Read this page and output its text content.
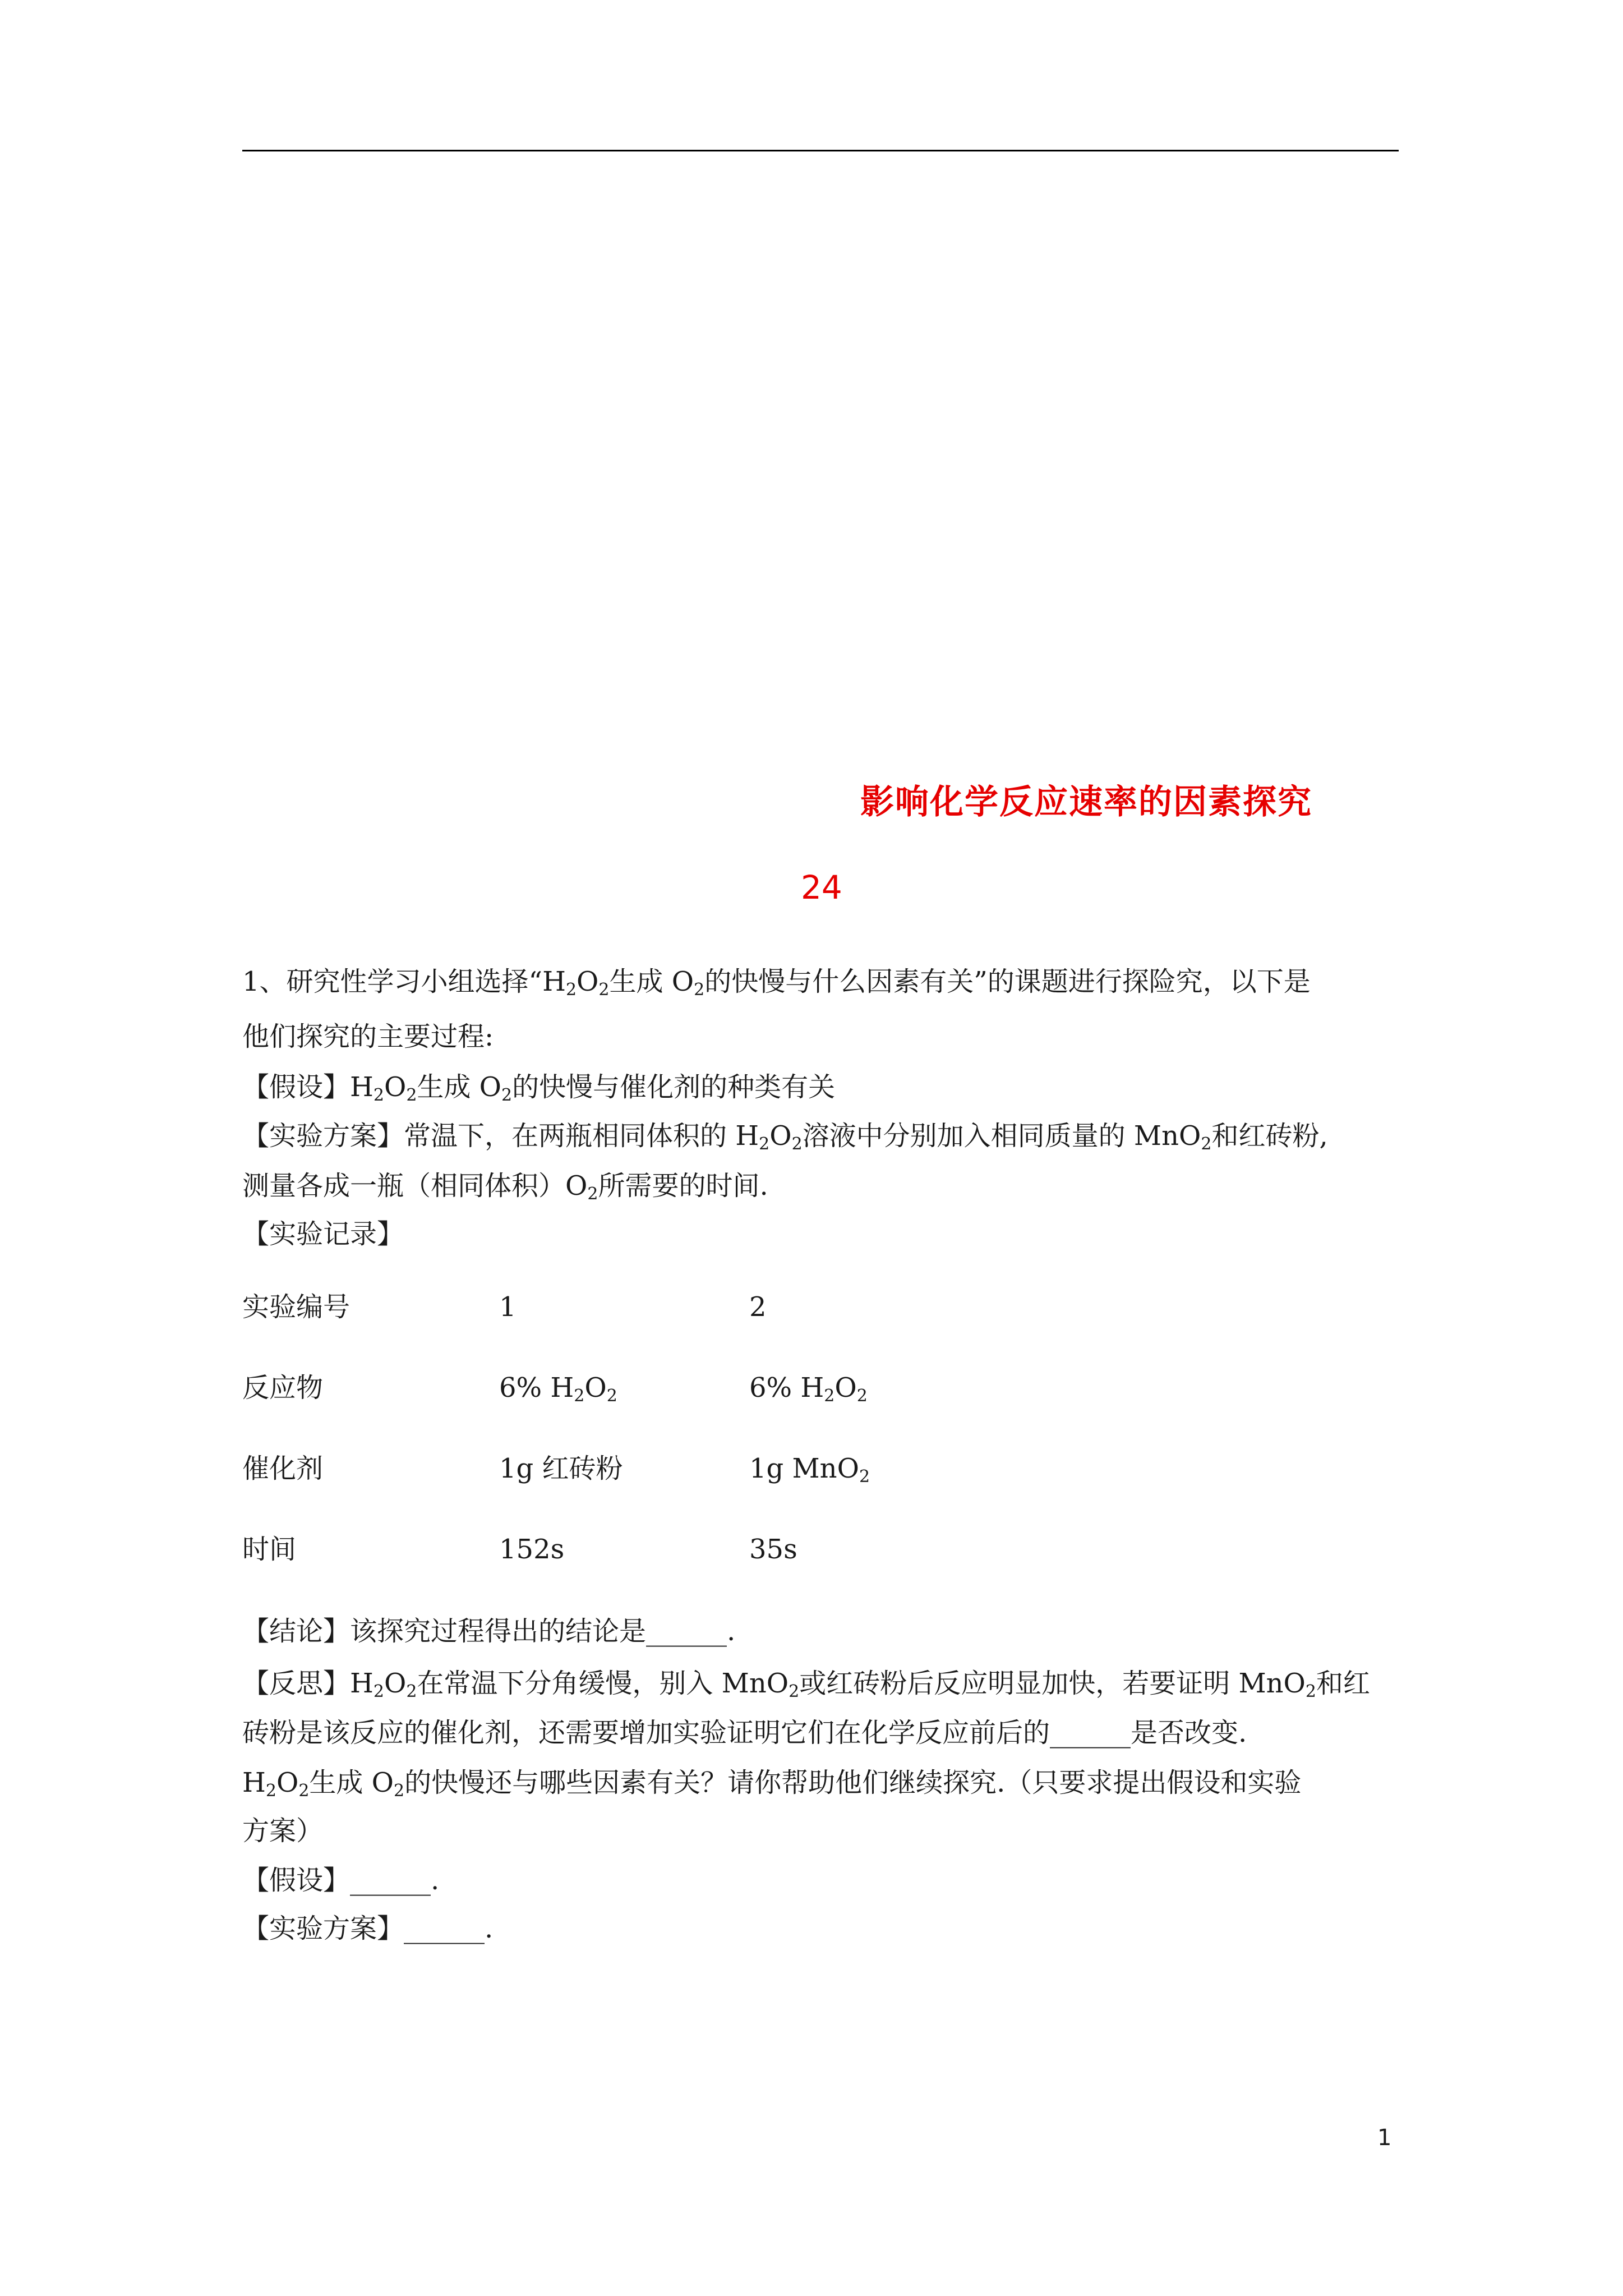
影响化学反应速率的因素探究
24
1、研究性学习小组选择“$H_2O_2$生成 $O_2$的快慢与什么因素有关”的课题进行探险究，以下是
他们探究的主要过程:
【假设】$H_2O_2$生成 $O_2$的快慢与催化剂的种类有关
【实验方案】常温下，在两瓶相同体积的 $H_2O_2$溶液中分别加入相同质量的 MnO$_2$和红砖粉,
测量各成一瓶（相同体积）$O_2$所需要的时间.
【实验记录】
实验编号	1	2
反应物	6% $H_2O_2$	6% $H_2O_2$
催化剂	1g 红砖粉	1g MnO$_2$
时间	152s	35s
【结论】该探究过程得出的结论是______.
【反思】$H_2O_2$在常温下分角缓慢，别入 MnO$_2$或红砖粉后反应明显加快，若要证明 MnO$_2$和红
砖粉是该反应的催化剂，还需要增加实验证明它们在化学反应前后的______是否改变.
$H_2O_2$生成 $O_2$的快慢还与哪些因素有关？请你帮助他们继续探究.（只要求提出假设和实验
方案）
【假设】______.
【实验方案】______.
1
